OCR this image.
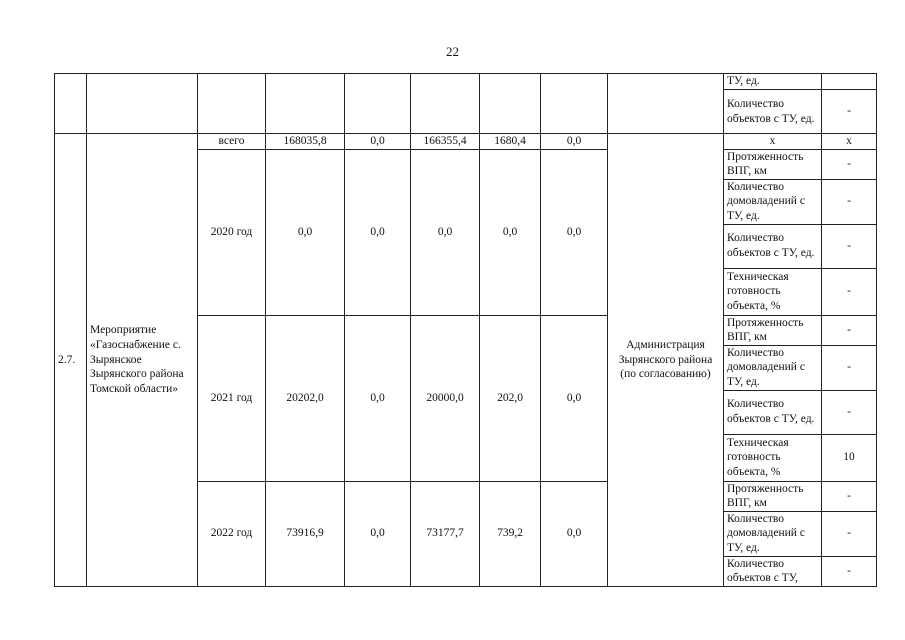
22
									ТУ, ед.	
									Количество объектов с ТУ, ед.	-
2.7.	Мероприятие «Газоснабжение с. Зырянское Зырянского района Томской области»	всего	168035,8	0,0	166355,4	1680,4	0,0	Администрация Зырянского района (по согласованию)	х	х
		2020 год	0,0	0,0	0,0	0,0	0,0		Протяженность ВПГ, км	-
									Количество домовладений с ТУ, ед.	-
									Количество объектов с ТУ, ед.	-
									Техническая готовность объекта, %	-
		2021 год	20202,0	0,0	20000,0	202,0	0,0		Протяженность ВПГ, км	-
									Количество домовладений с ТУ, ед.	-
									Количество объектов с ТУ, ед.	-
									Техническая готовность объекта, %	10
		2022 год	73916,9	0,0	73177,7	739,2	0,0		Протяженность ВПГ, км	-
									Количество домовладений с ТУ, ед.	-
									Количество объектов с ТУ,	-
